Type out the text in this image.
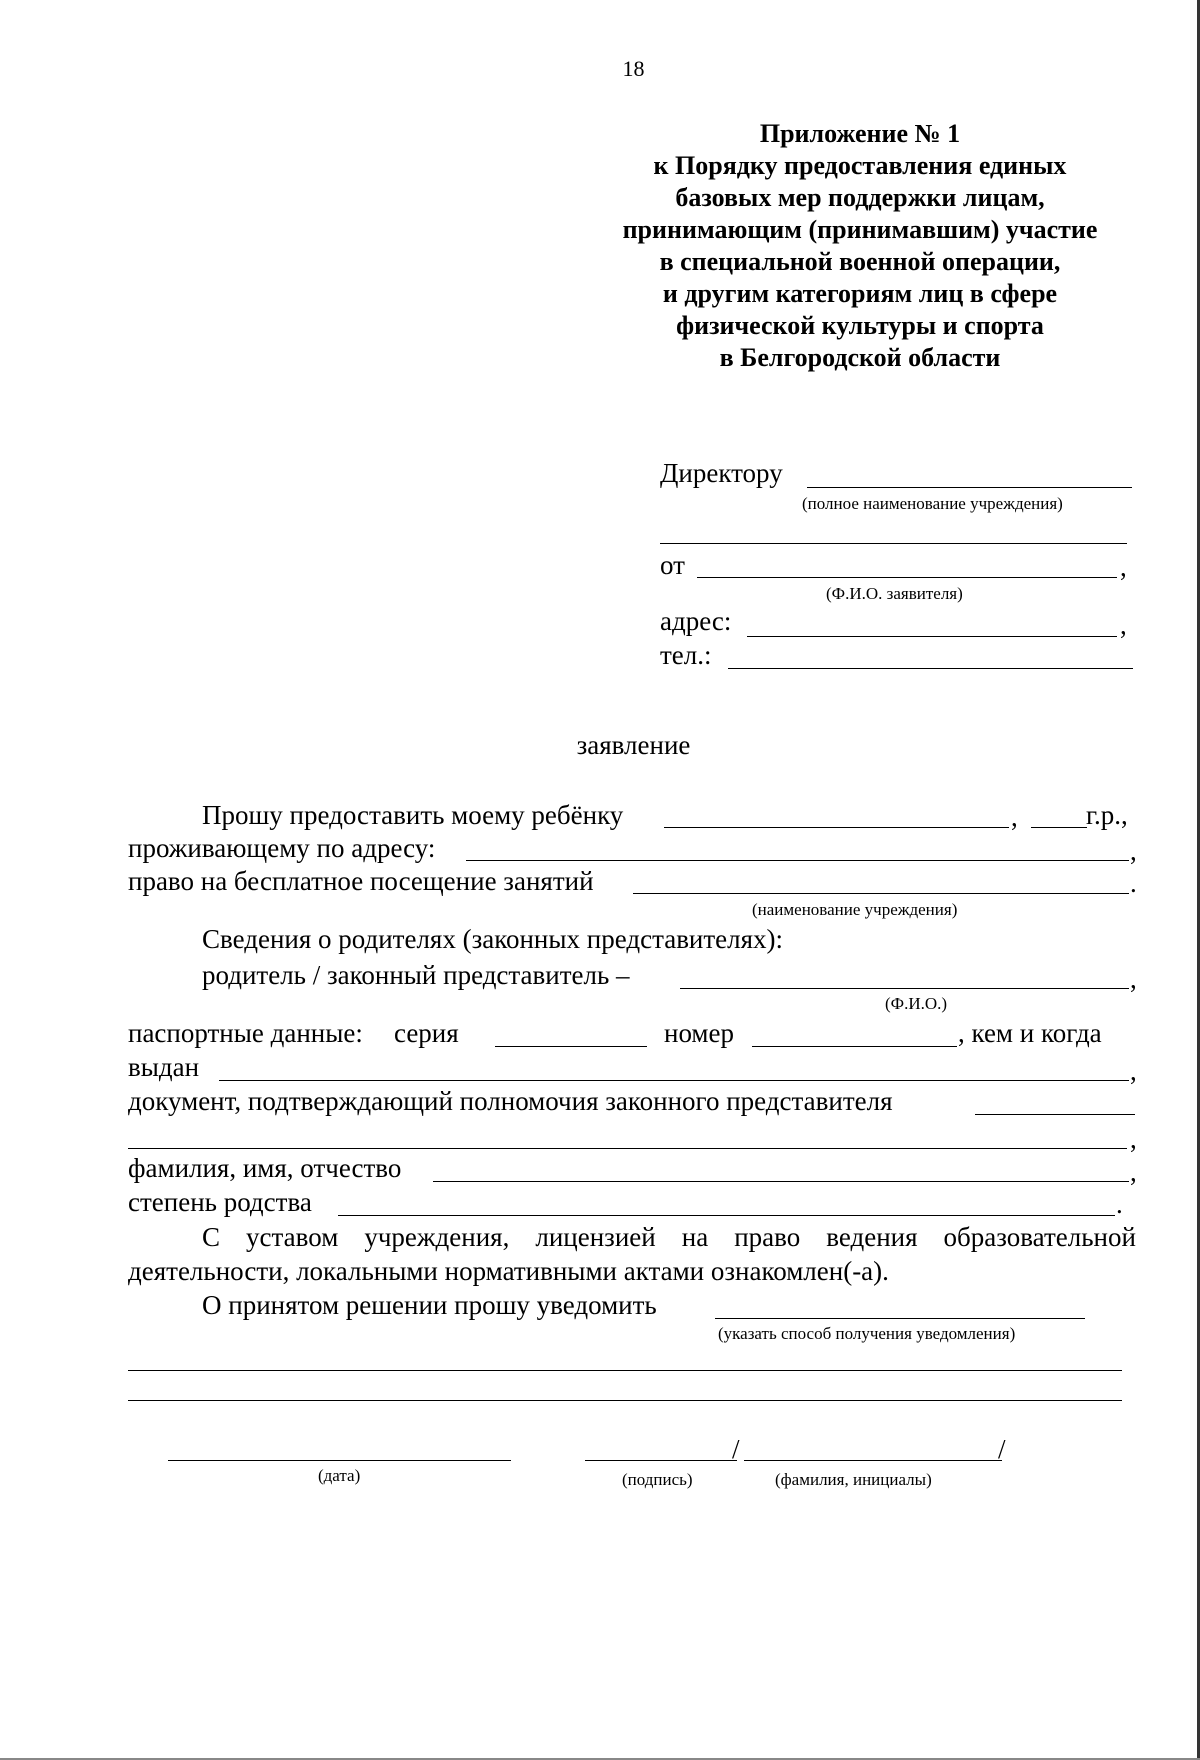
18
Приложение № 1
к Порядку предоставления единых
базовых мер поддержки лицам,
принимающим (принимавшим) участие
в специальной военной операции,
и другим категориям лиц в сфере
физической культуры и спорта
в Белгородской области
Директору
(полное наименование учреждения)
от	,
(Ф.И.О. заявителя)
адрес:	,
тел.:
заявление
Прошу предоставить моему ребёнку	,	г.р.,
проживающему по адресу:	,
право на бесплатное посещение занятий	.
(наименование учреждения)
Сведения о родителях (законных представителях):
родитель / законный представитель –	,
(Ф.И.О.)
паспортные данные: серия	номер	, кем и когда
выдан	,
документ, подтверждающий полномочия законного представителя
,
фамилия, имя, отчество	,
степень родства	.
С уставом учреждения, лицензией на право ведения образовательной
деятельности, локальными нормативными актами ознакомлен(-а).
О принятом решении прошу уведомить
(указать способ получения уведомления)
(дата)
/	/
(подпись)	(фамилия, инициалы)
